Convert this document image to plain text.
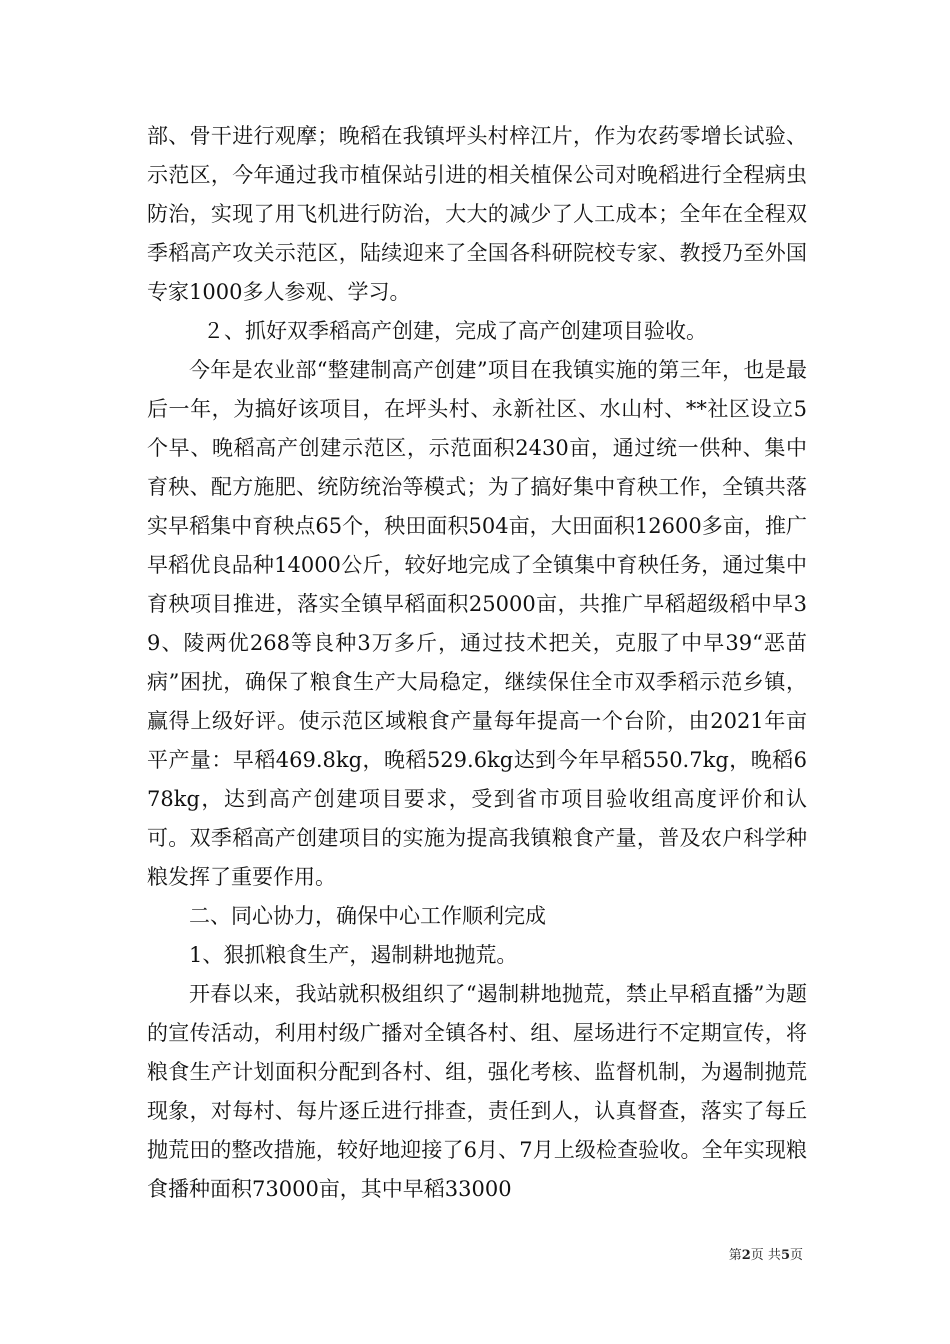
部、骨干进行观摩；晚稻在我镇坪头村梓江片，作为农药零增长试验、示范区，今年通过我市植保站引进的相关植保公司对晚稻进行全程病虫防治，实现了用飞机进行防治，大大的减少了人工成本；全年在全程双季稻高产攻关示范区，陆续迎来了全国各科研院校专家、教授乃至外国专家1000多人参观、学习。

２、抓好双季稻高产创建，完成了高产创建项目验收。

今年是农业部“整建制高产创建”项目在我镇实施的第三年，也是最后一年，为搞好该项目，在坪头村、永新社区、水山村、**社区设立5个早、晚稻高产创建示范区，示范面积2430亩，通过统一供种、集中育秧、配方施肥、统防统治等模式；为了搞好集中育秧工作，全镇共落实早稻集中育秧点65个，秧田面积504亩，大田面积12600多亩，推广早稻优良品种14000公斤，较好地完成了全镇集中育秧任务，通过集中育秧项目推进，落实全镇早稻面积25000亩，共推广早稻超级稻中早39、陵两优268等良种3万多斤，通过技术把关，克服了中早39“恶苗病”困扰，确保了粮食生产大局稳定，继续保住全市双季稻示范乡镇，赢得上级好评。使示范区域粮食产量每年提高一个台阶，由2021年亩平产量：早稻469.8kg，晚稻529.6kg达到今年早稻550.7kg，晚稻678kg，达到高产创建项目要求，受到省市项目验收组高度评价和认可。双季稻高产创建项目的实施为提高我镇粮食产量，普及农户科学种粮发挥了重要作用。

二、同心协力，确保中心工作顺利完成

1、狠抓粮食生产，遏制耕地抛荒。

开春以来，我站就积极组织了“遏制耕地抛荒，禁止早稻直播”为题的宣传活动，利用村级广播对全镇各村、组、屋场进行不定期宣传，将粮食生产计划面积分配到各村、组，强化考核、监督机制，为遏制抛荒现象，对每村、每片逐丘进行排查，责任到人，认真督查，落实了每丘抛荒田的整改措施，较好地迎接了6月、7月上级检查验收。全年实现粮食播种面积73000亩，其中早稻33000

第2页 共5页
